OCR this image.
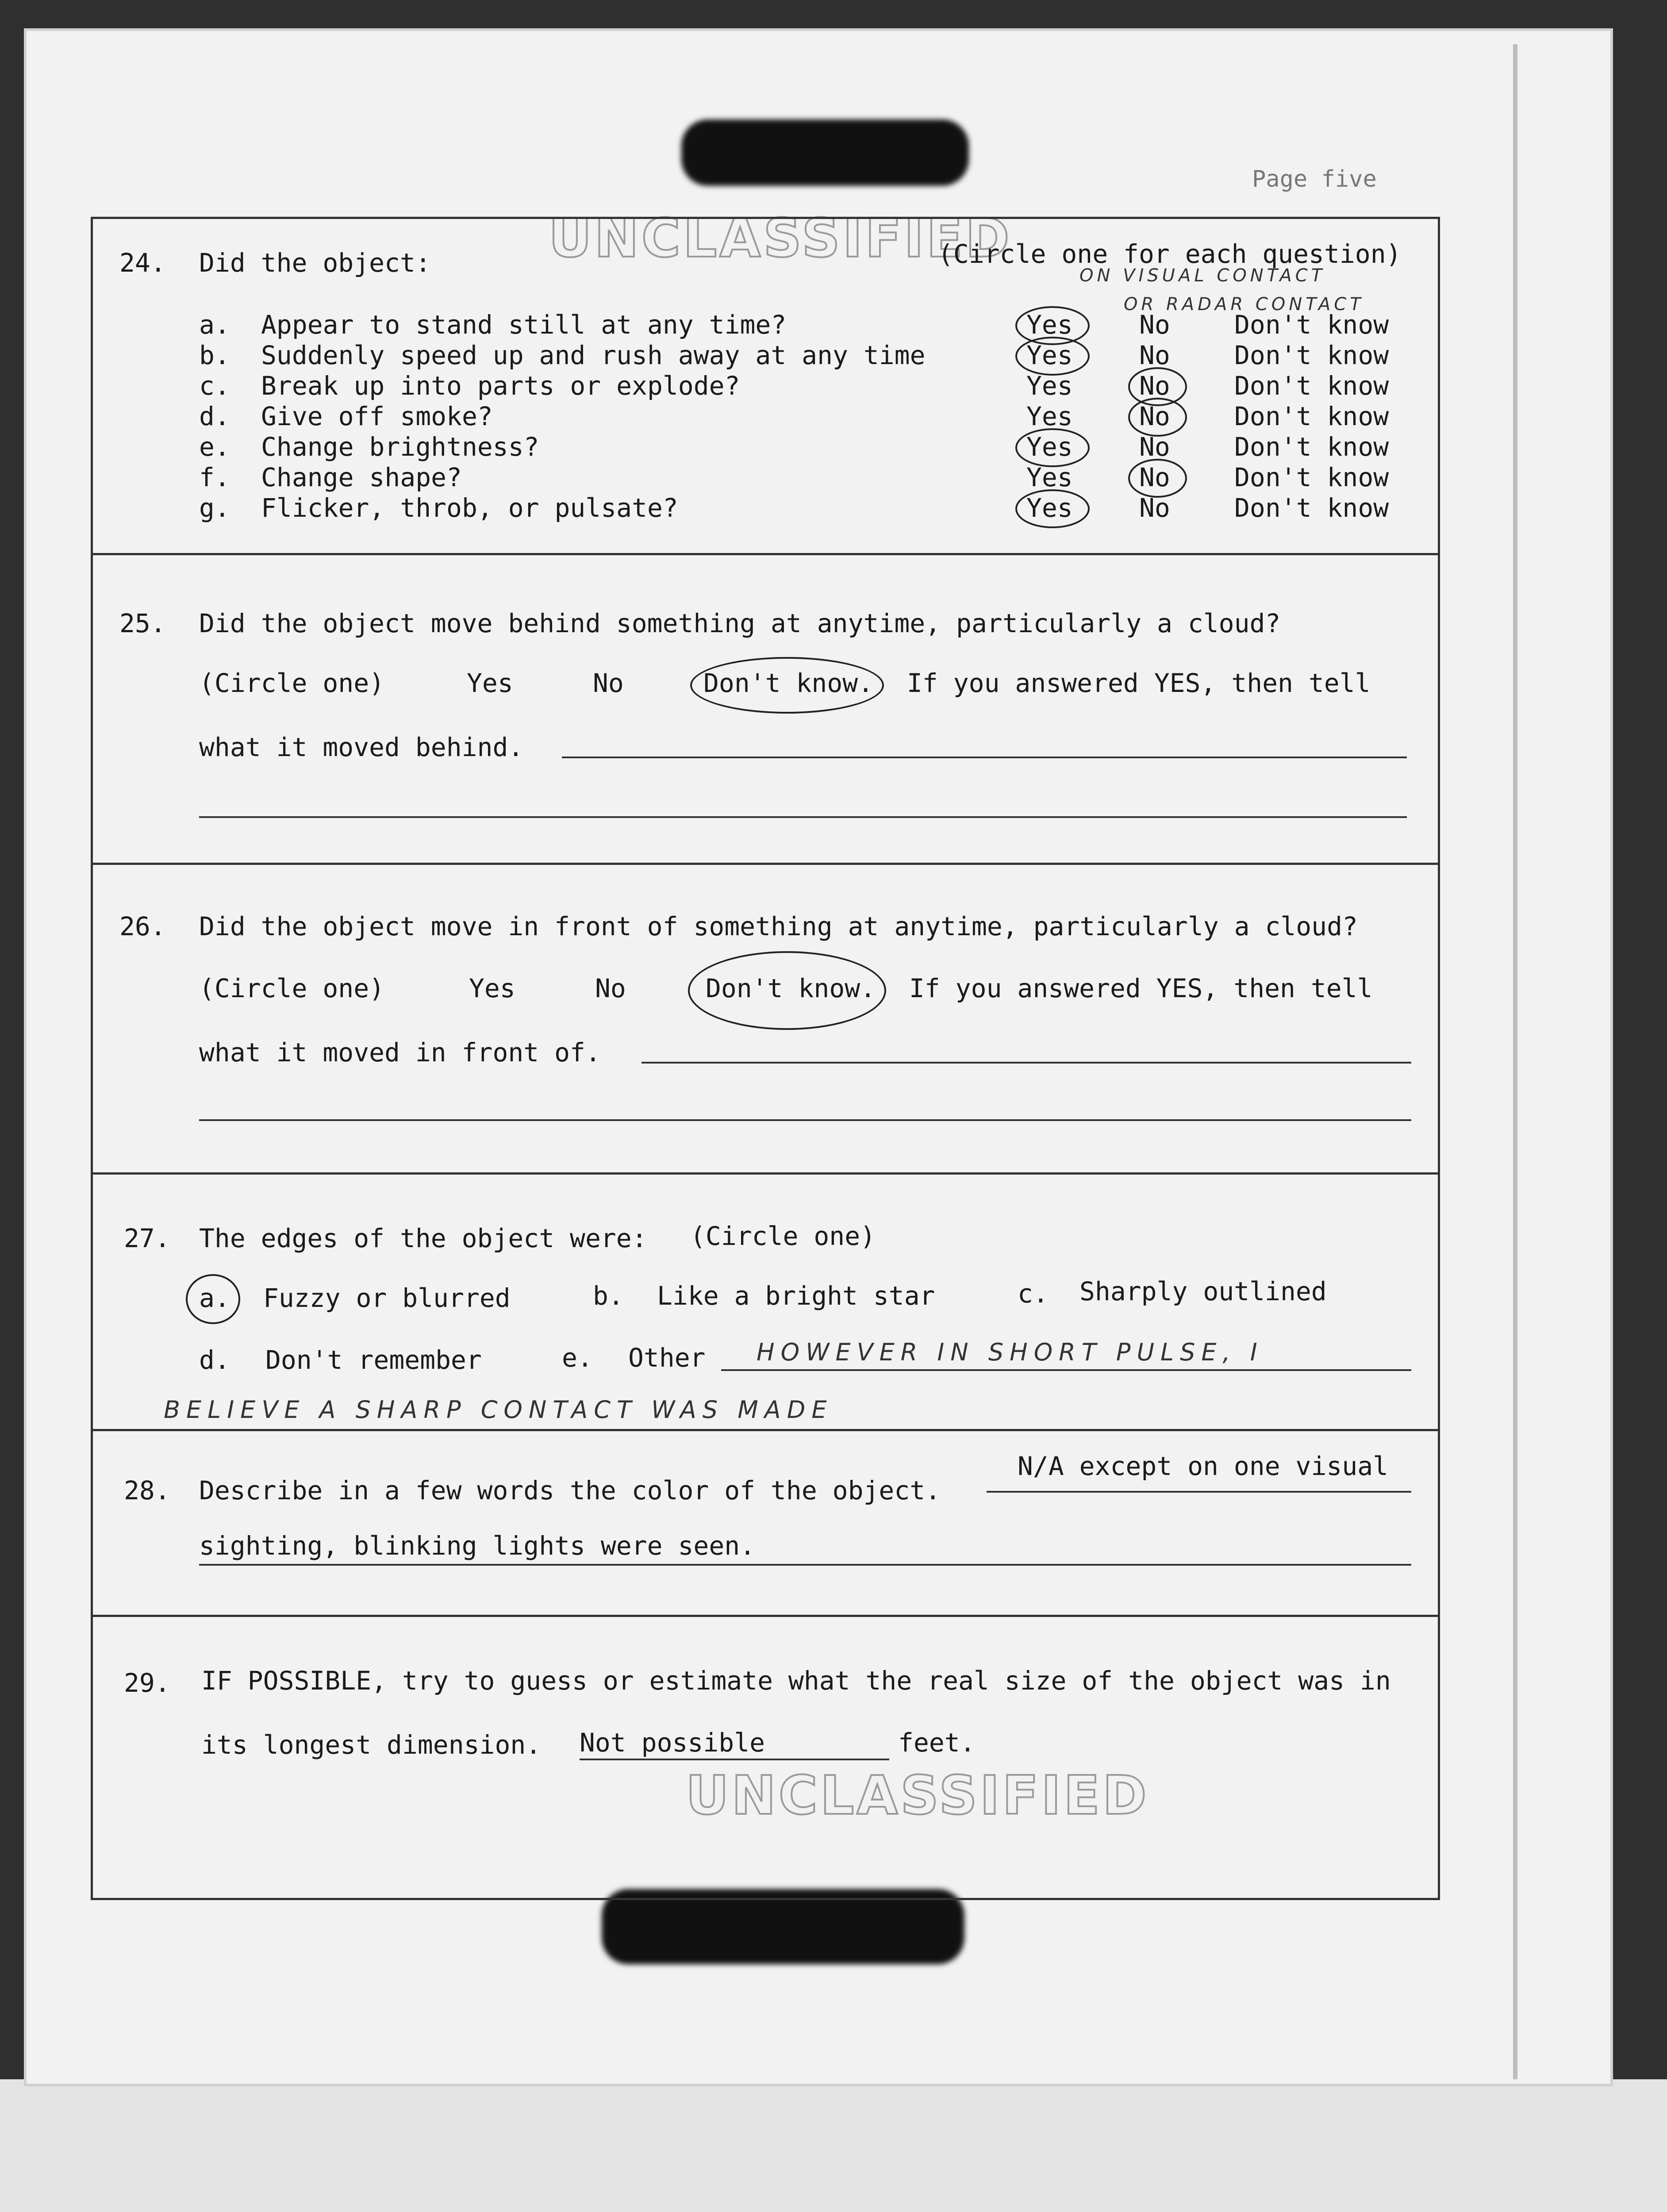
UNCLASSIFIED
UNCLASSIFIED
Page five
24. Did the object:	(Circle one for each question)
ON VISUAL CONTACT
OR RADAR CONTACT
a. Appear to stand still at any time?	Yes	No	Don't know
b. Suddenly speed up and rush away at any time	Yes	No	Don't know
c. Break up into parts or explode?	Yes	No	Don't know
d. Give off smoke?	Yes	No	Don't know
e. Change brightness?	Yes	No	Don't know
f. Change shape?	Yes	No	Don't know
g. Flicker, throb, or pulsate?	Yes	No	Don't know
25. Did the object move behind something at anytime, particularly a cloud?
(Circle one)	Yes	No	Don't know. If you answered YES, then tell
what it moved behind.
26. Did the object move in front of something at anytime, particularly a cloud?
(Circle one)	Yes	No	Don't know. If you answered YES, then tell
what it moved in front of.
27. The edges of the object were: (Circle one)
a. Fuzzy or blurred	b. Like a bright star	c. Sharply outlined
d. Don't remember	e. Other HOWEVER IN SHORT PULSE, I
BELIEVE A SHARP CONTACT WAS MADE
28. Describe in a few words the color of the object.
N/A except on one visual
sighting, blinking lights were seen.
29. IF POSSIBLE, try to guess or estimate what the real size of the object was in
its longest dimension. Not possible	feet.
